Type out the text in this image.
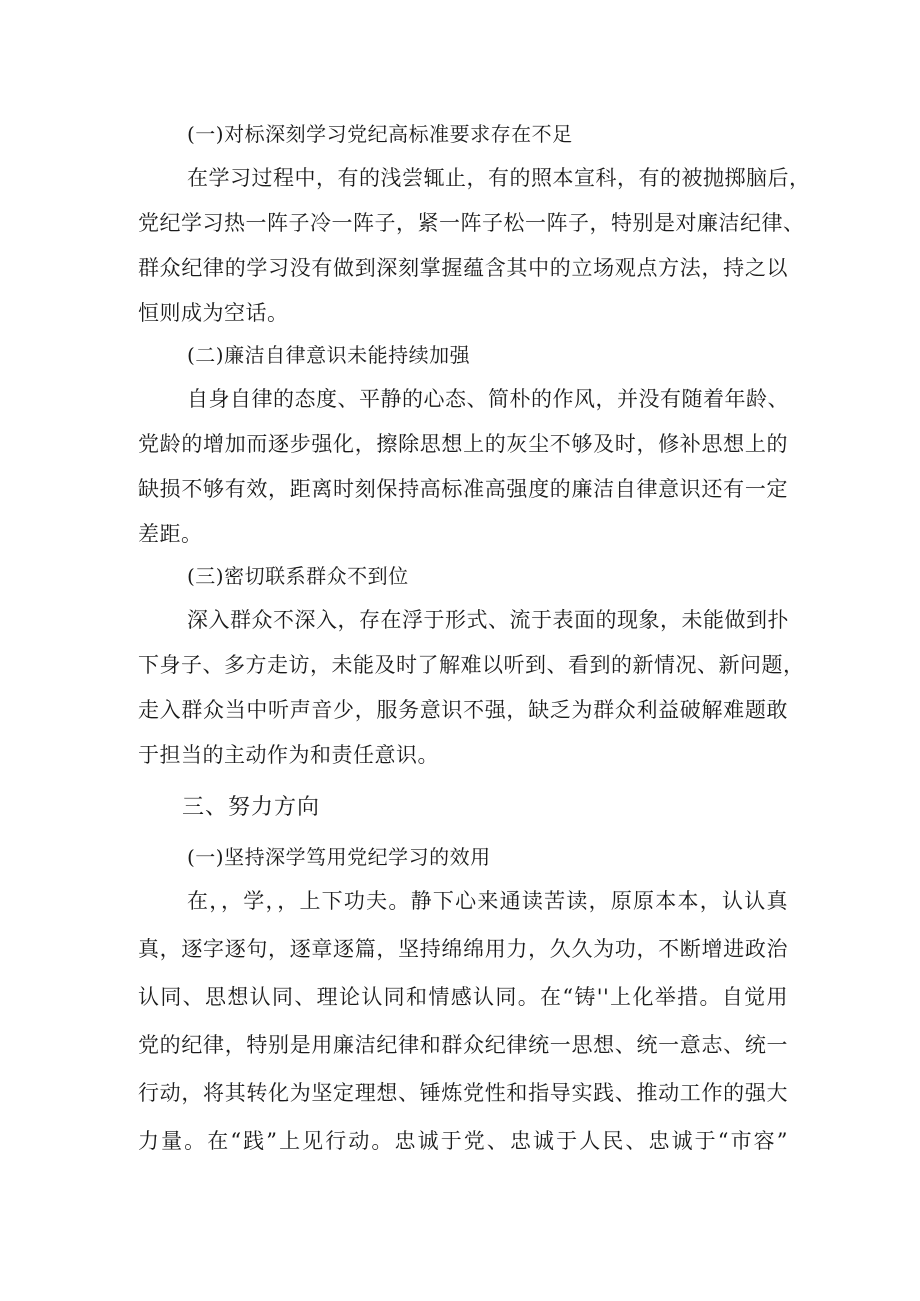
(一)对标深刻学习党纪高标准要求存在不足
在学习过程中，有的浅尝辄止，有的照本宣科，有的被抛掷脑后，
党纪学习热一阵子冷一阵子，紧一阵子松一阵子，特别是对廉洁纪律、
群众纪律的学习没有做到深刻掌握蕴含其中的立场观点方法，持之以
恒则成为空话。
(二)廉洁自律意识未能持续加强
自身自律的态度、平静的心态、简朴的作风，并没有随着年龄、
党龄的增加而逐步强化，擦除思想上的灰尘不够及时，修补思想上的
缺损不够有效，距离时刻保持高标准高强度的廉洁自律意识还有一定
差距。
(三)密切联系群众不到位
深入群众不深入，存在浮于形式、流于表面的现象，未能做到扑
下身子、多方走访，未能及时了解难以听到、看到的新情况、新问题，
走入群众当中听声音少，服务意识不强，缺乏为群众利益破解难题敢
于担当的主动作为和责任意识。
三、努力方向
(一)坚持深学笃用党纪学习的效用
在，，学，，上下功夫。静下心来通读苦读，原原本本，认认真
真，逐字逐句，逐章逐篇，坚持绵绵用力，久久为功，不断增进政治
认同、思想认同、理论认同和情感认同。在“铸''上化举措。自觉用
党的纪律，特别是用廉洁纪律和群众纪律统一思想、统一意志、统一
行动，将其转化为坚定理想、锤炼党性和指导实践、推动工作的强大
力量。在“践”上见行动。忠诚于党、忠诚于人民、忠诚于“市容”
